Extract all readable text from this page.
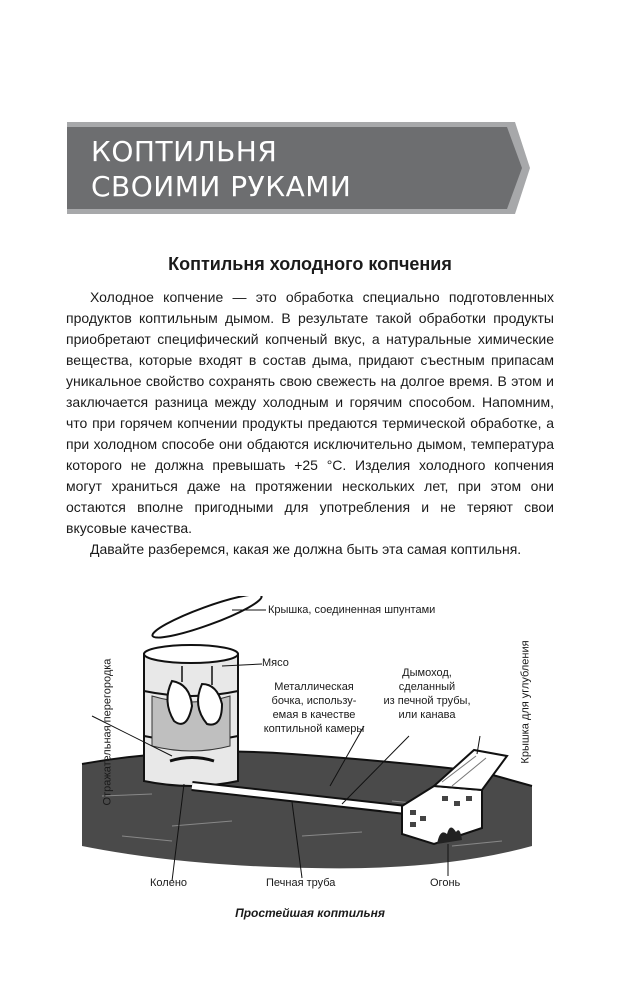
КОПТИЛЬНЯ
СВОИМИ РУКАМИ
Коптильня холодного копчения

Холодное копчение — это обработка специально подготовленных продуктов коптильным дымом. В результате такой обработки продукты приобретают специфический копченый вкус, а натуральные химические вещества, которые входят в состав дыма, придают съестным припасам уникальное свойство сохранять свою свежесть на долгое время. В этом и заключается разница между холодным и горячим способом. Напомним, что при горячем копчении продукты предаются термической обработке, а при холодном способе они обдаются исключительно дымом, температура которого не должна превышать +25 °С. Изделия холодного копчения могут храниться даже на протяжении нескольких лет, при этом они остаются вполне пригодными для употребления и не теряют свои вкусовые качества.

Давайте разберемся, какая же должна быть эта самая коптильня.

Крышка, соединенная шпунтами
Отражательная перегородка	Мясо
Металлическая
бочка, использу-
емая в качестве
коптильной камеры
Дымоход,
сделанный
из печной трубы,
или канава	Крышка для углубления
Колено	Печная труба	Огонь
Простейшая коптильня
